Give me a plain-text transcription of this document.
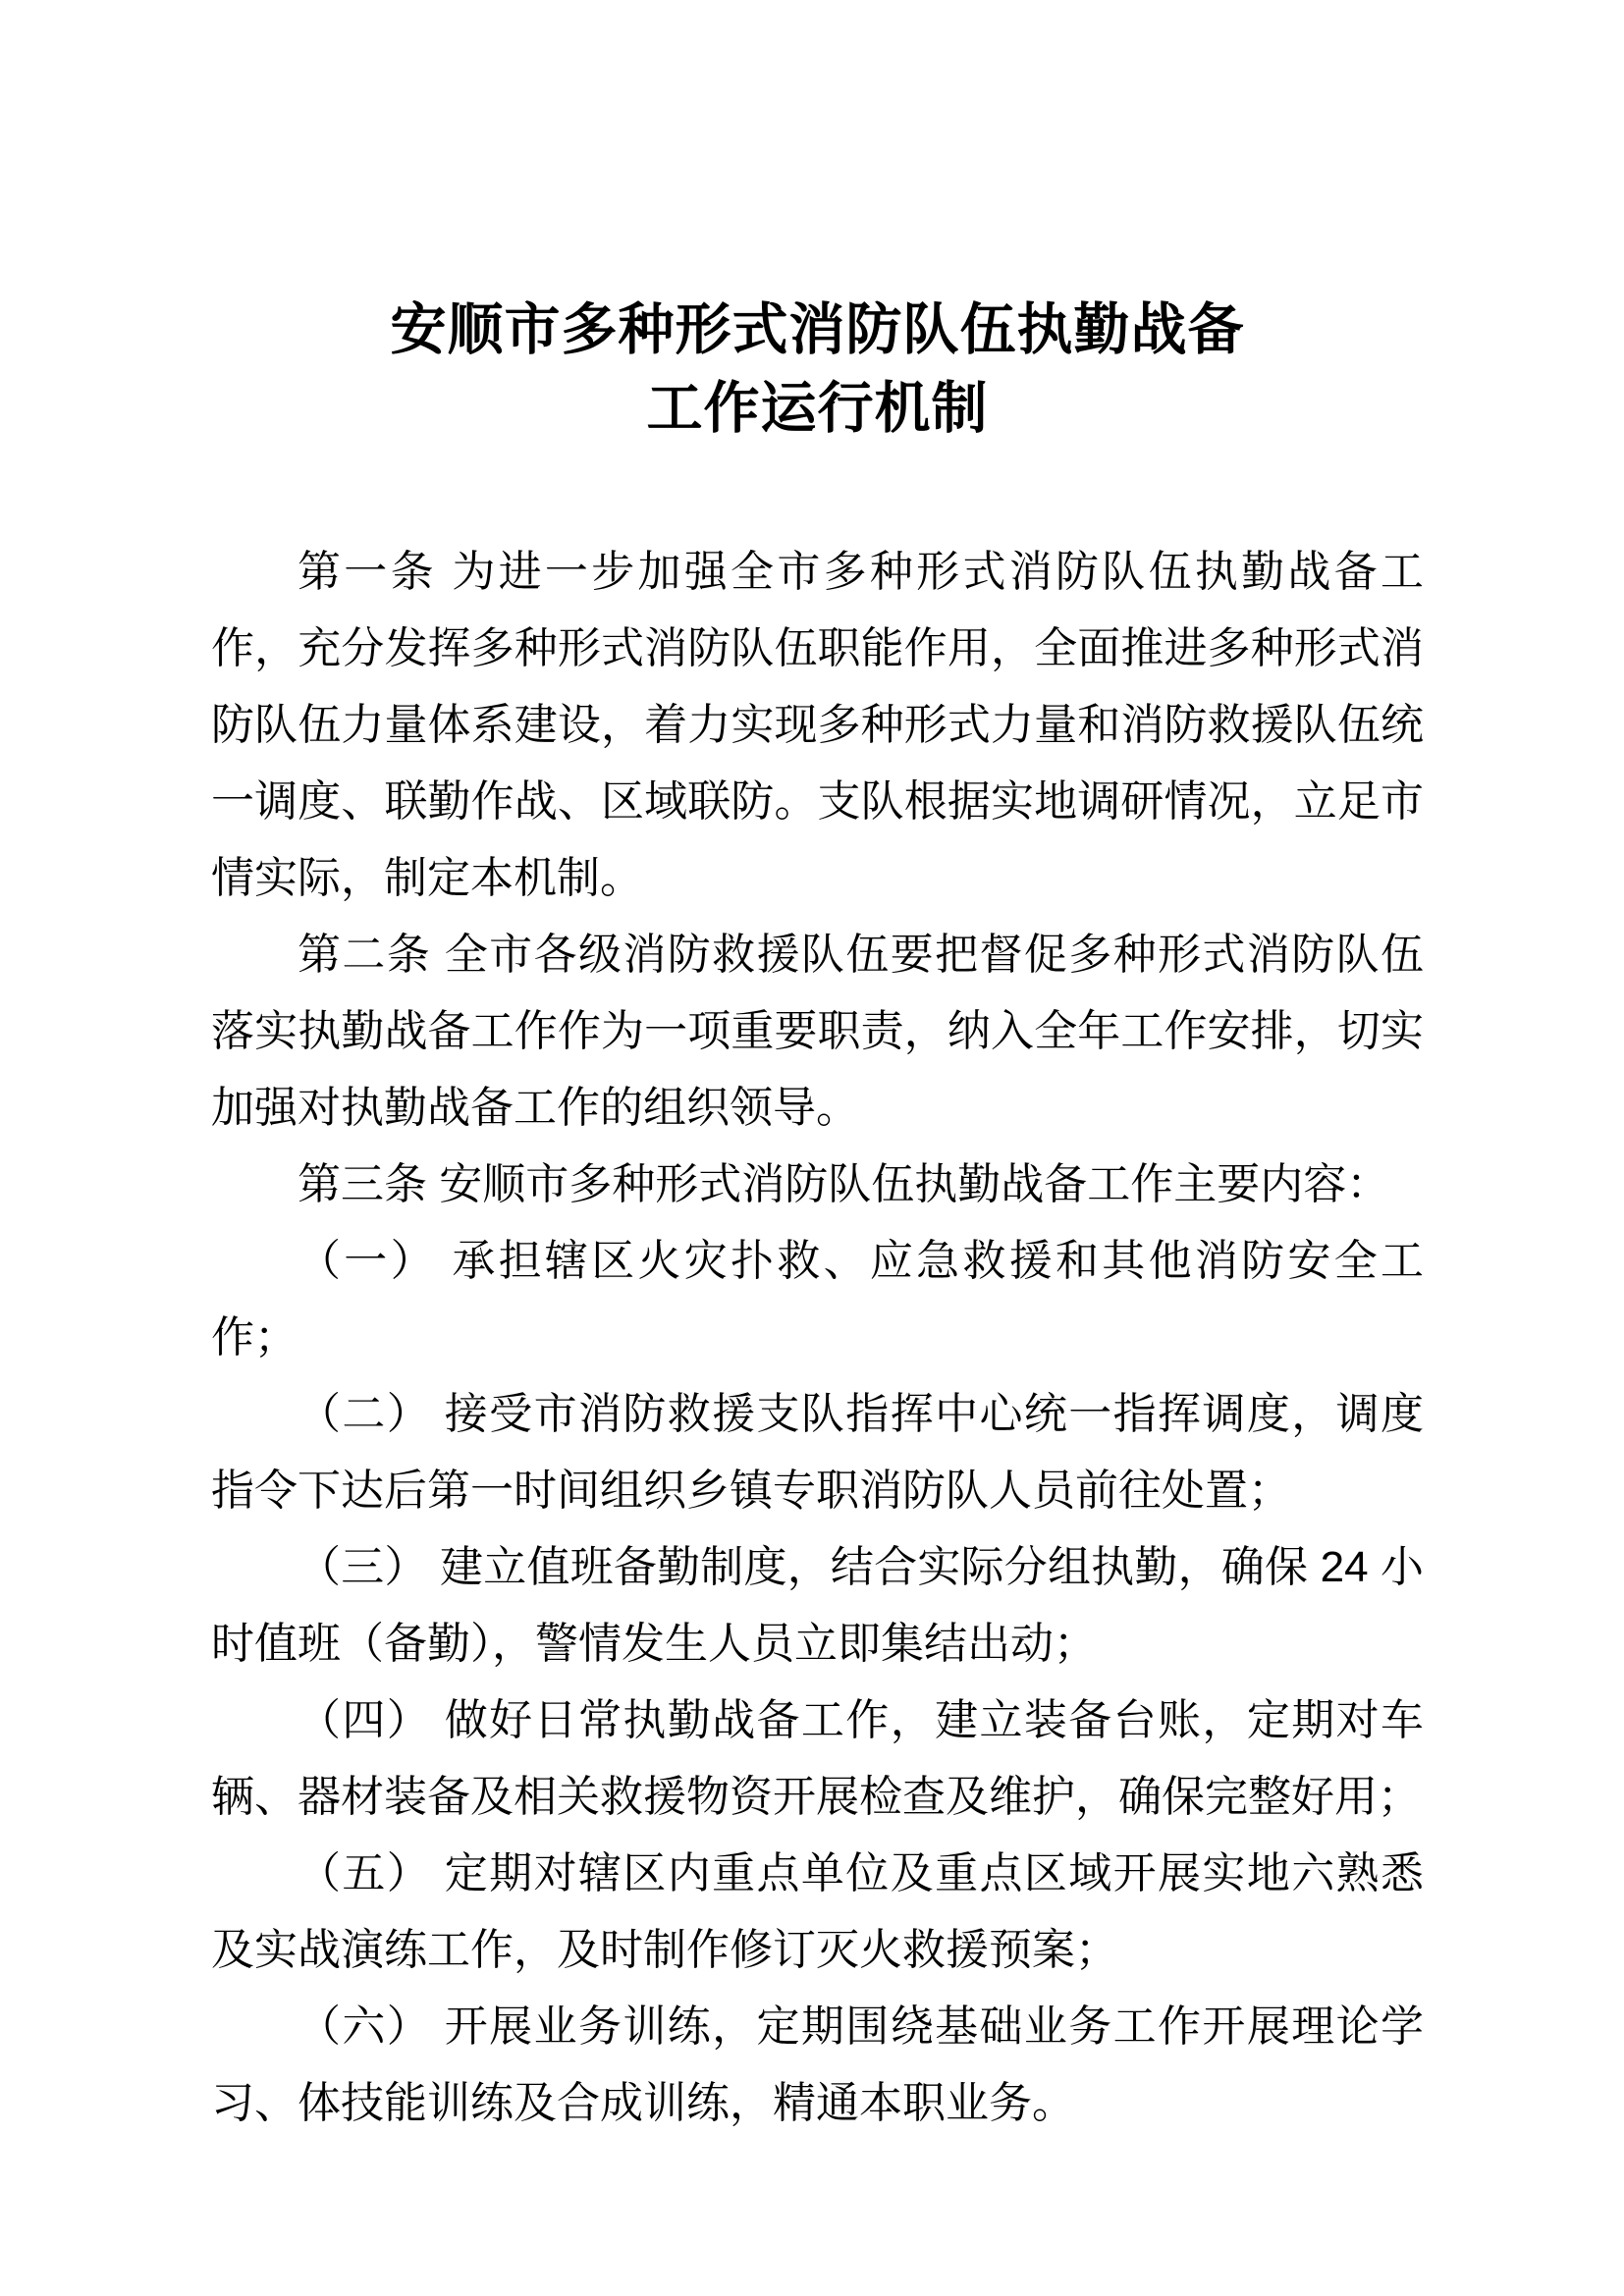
安顺市多种形式消防队伍执勤战备
工作运行机制

第一条 为进一步加强全市多种形式消防队伍执勤战备工作，充分发挥多种形式消防队伍职能作用，全面推进多种形式消防队伍力量体系建设，着力实现多种形式力量和消防救援队伍统一调度、联勤作战、区域联防。支队根据实地调研情况，立足市情实际，制定本机制。

第二条 全市各级消防救援队伍要把督促多种形式消防队伍落实执勤战备工作作为一项重要职责，纳入全年工作安排，切实加强对执勤战备工作的组织领导。

第三条 安顺市多种形式消防队伍执勤战备工作主要内容：

（一） 承担辖区火灾扑救、应急救援和其他消防安全工作；

（二） 接受市消防救援支队指挥中心统一指挥调度，调度指令下达后第一时间组织乡镇专职消防队人员前往处置；

（三） 建立值班备勤制度，结合实际分组执勤，确保 24 小时值班（备勤），警情发生人员立即集结出动；

（四） 做好日常执勤战备工作，建立装备台账，定期对车辆、器材装备及相关救援物资开展检查及维护，确保完整好用；

（五） 定期对辖区内重点单位及重点区域开展实地六熟悉及实战演练工作，及时制作修订灭火救援预案；

（六） 开展业务训练，定期围绕基础业务工作开展理论学习、体技能训练及合成训练，精通本职业务。
